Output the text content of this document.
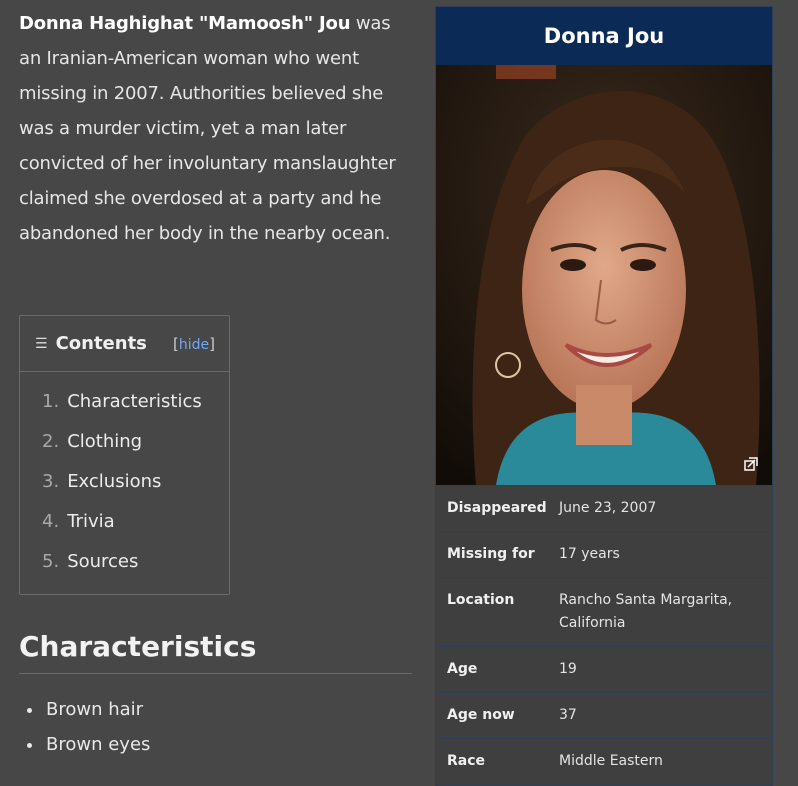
Donna Haghighat "Mamoosh" Jou was an Iranian-American woman who went missing in 2007. Authorities believed she was a murder victim, yet a man later convicted of her involuntary manslaughter claimed she overdosed at a party and he abandoned her body in the nearby ocean.

☰ Contents [hide]
1. Characteristics
2. Clothing
3. Exclusions
4. Trivia
5. Sources
Characteristics
• Brown hair
• Brown eyes
Donna Jou
Disappeared June 23, 2007
Missing for	17 years
Location	Rancho Santa Margarita, California
Age	19
Age now	37
Race	Middle Eastern
